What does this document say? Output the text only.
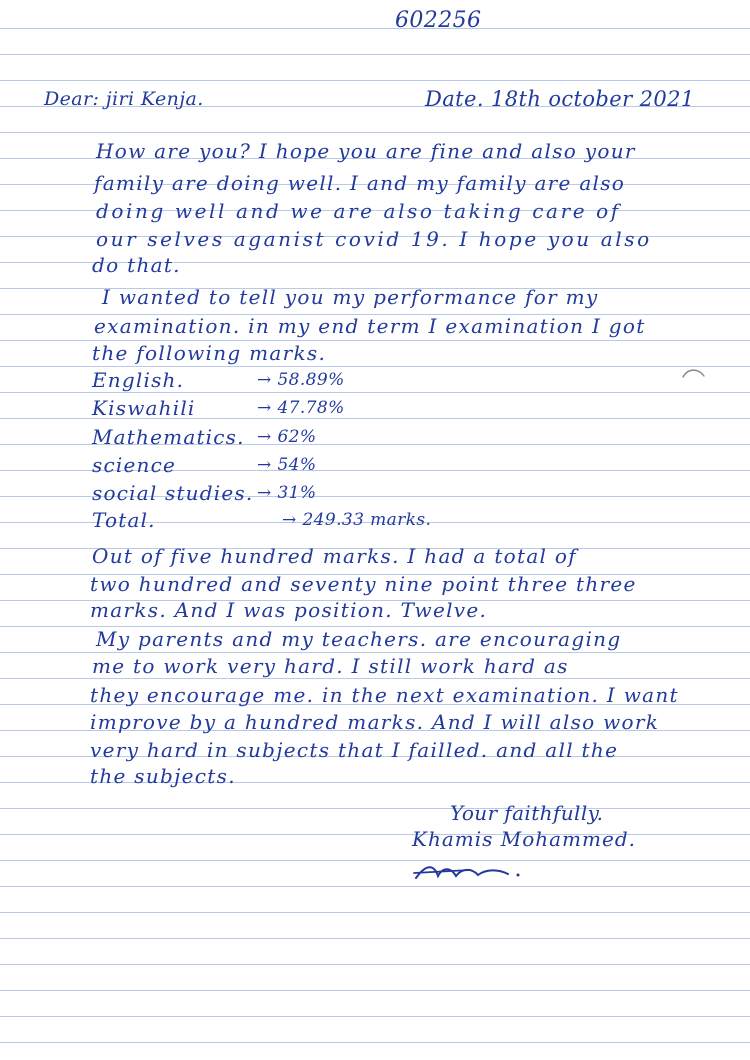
602256
Dear: jiri Kenja.	Date. 18th october 2021
How are you? I hope you are fine and also your
family are doing well. I and my family are also
doing well and we are also taking care of
our selves aganist covid 19. I hope you also
do that.
I wanted to tell you my performance for my
examination. in my end term I examination I got
the following marks.
English.	→ 58.89%
Kiswahili	→ 47.78%
Mathematics. → 62%
science	→ 54%
social studies. → 31%
Total.	→ 249.33 marks.
Out of five hundred marks. I had a total of
two hundred and seventy nine point three three
marks. And I was position. Twelve.
My parents and my teachers. are encouraging
me to work very hard. I still work hard as
they encourage me. in the next examination. I want
improve by a hundred marks. And I will also work
very hard in subjects that I failled. and all the
the subjects.
Your faithfully.
Khamis Mohammed.
